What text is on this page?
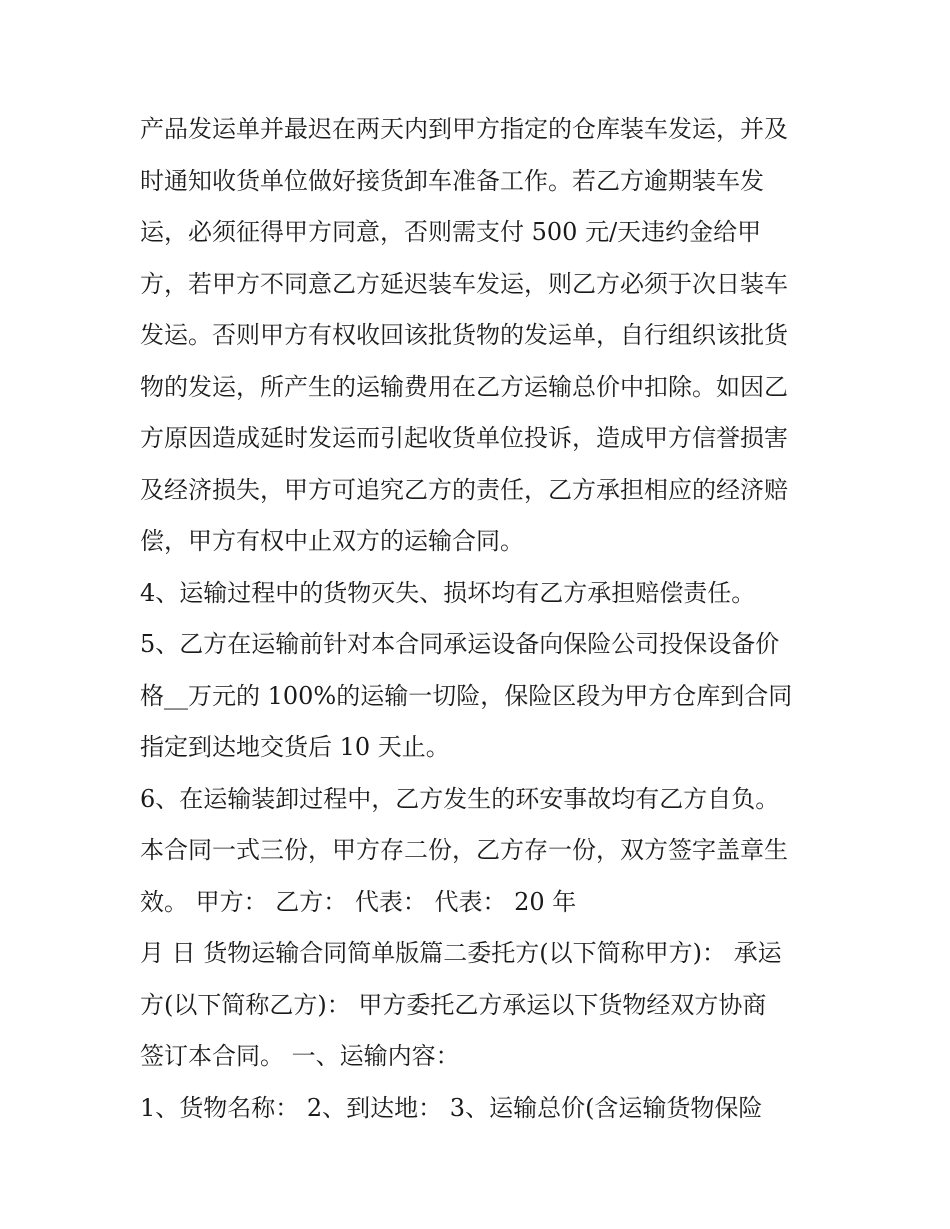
产品发运单并最迟在两天内到甲方指定的仓库装车发运，并及
时通知收货单位做好接货卸车准备工作。若乙方逾期装车发
运，必须征得甲方同意，否则需支付 500 元/天违约金给甲
方，若甲方不同意乙方延迟装车发运，则乙方必须于次日装车
发运。否则甲方有权收回该批货物的发运单，自行组织该批货
物的发运，所产生的运输费用在乙方运输总价中扣除。如因乙
方原因造成延时发运而引起收货单位投诉，造成甲方信誉损害
及经济损失，甲方可追究乙方的责任，乙方承担相应的经济赔
偿，甲方有权中止双方的运输合同。
4、运输过程中的货物灭失、损坏均有乙方承担赔偿责任。
5、乙方在运输前针对本合同承运设备向保险公司投保设备价
格__万元的 100%的运输一切险，保险区段为甲方仓库到合同
指定到达地交货后 10 天止。
6、在运输装卸过程中，乙方发生的环安事故均有乙方自负。
本合同一式三份，甲方存二份，乙方存一份，双方签字盖章生
效。 甲方： 乙方： 代表： 代表： 20 年
月 日 货物运输合同简单版篇二委托方(以下简称甲方)： 承运
方(以下简称乙方)： 甲方委托乙方承运以下货物经双方协商
签订本合同。 一、运输内容：
1、货物名称： 2、到达地： 3、运输总价(含运输货物保险
